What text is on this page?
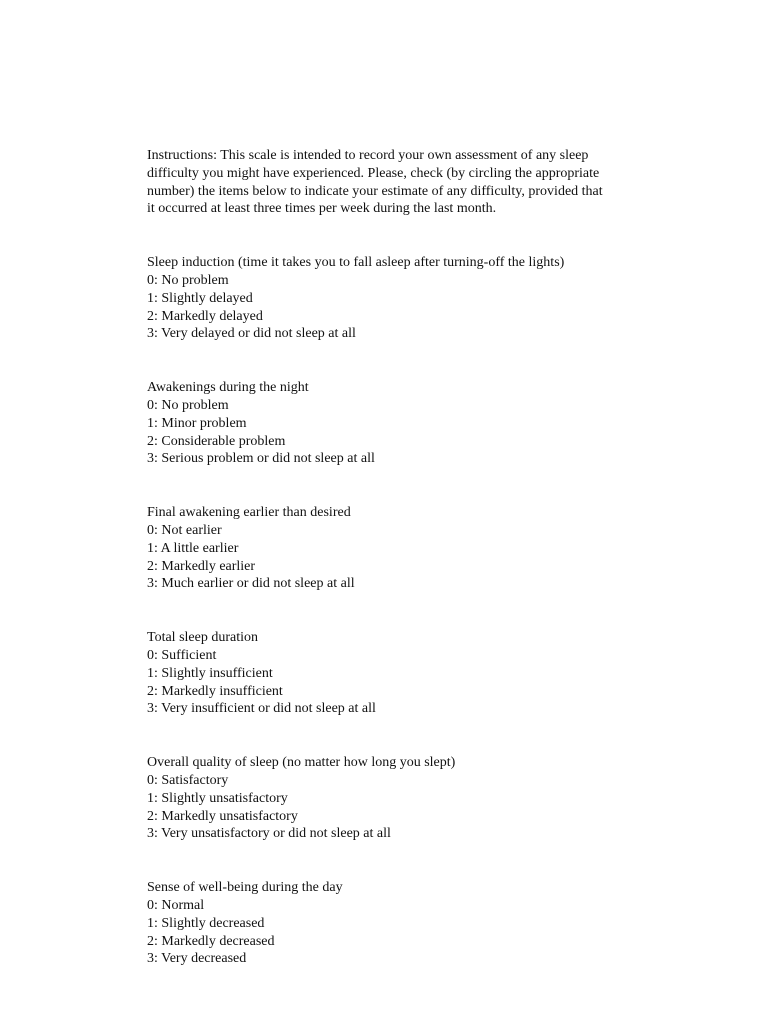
Instructions: This scale is intended to record your own assessment of any sleep
difficulty you might have experienced. Please, check (by circling the appropriate
number) the items below to indicate your estimate of any difficulty, provided that
it occurred at least three times per week during the last month.

Sleep induction (time it takes you to fall asleep after turning-off the lights)
0: No problem
1: Slightly delayed
2: Markedly delayed
3: Very delayed or did not sleep at all
Awakenings during the night
0: No problem
1: Minor problem
2: Considerable problem
3: Serious problem or did not sleep at all
Final awakening earlier than desired
0: Not earlier
1: A little earlier
2: Markedly earlier
3: Much earlier or did not sleep at all
Total sleep duration
0: Sufficient
1: Slightly insufficient
2: Markedly insufficient
3: Very insufficient or did not sleep at all
Overall quality of sleep (no matter how long you slept)
0: Satisfactory
1: Slightly unsatisfactory
2: Markedly unsatisfactory
3: Very unsatisfactory or did not sleep at all
Sense of well-being during the day
0: Normal
1: Slightly decreased
2: Markedly decreased
3: Very decreased
